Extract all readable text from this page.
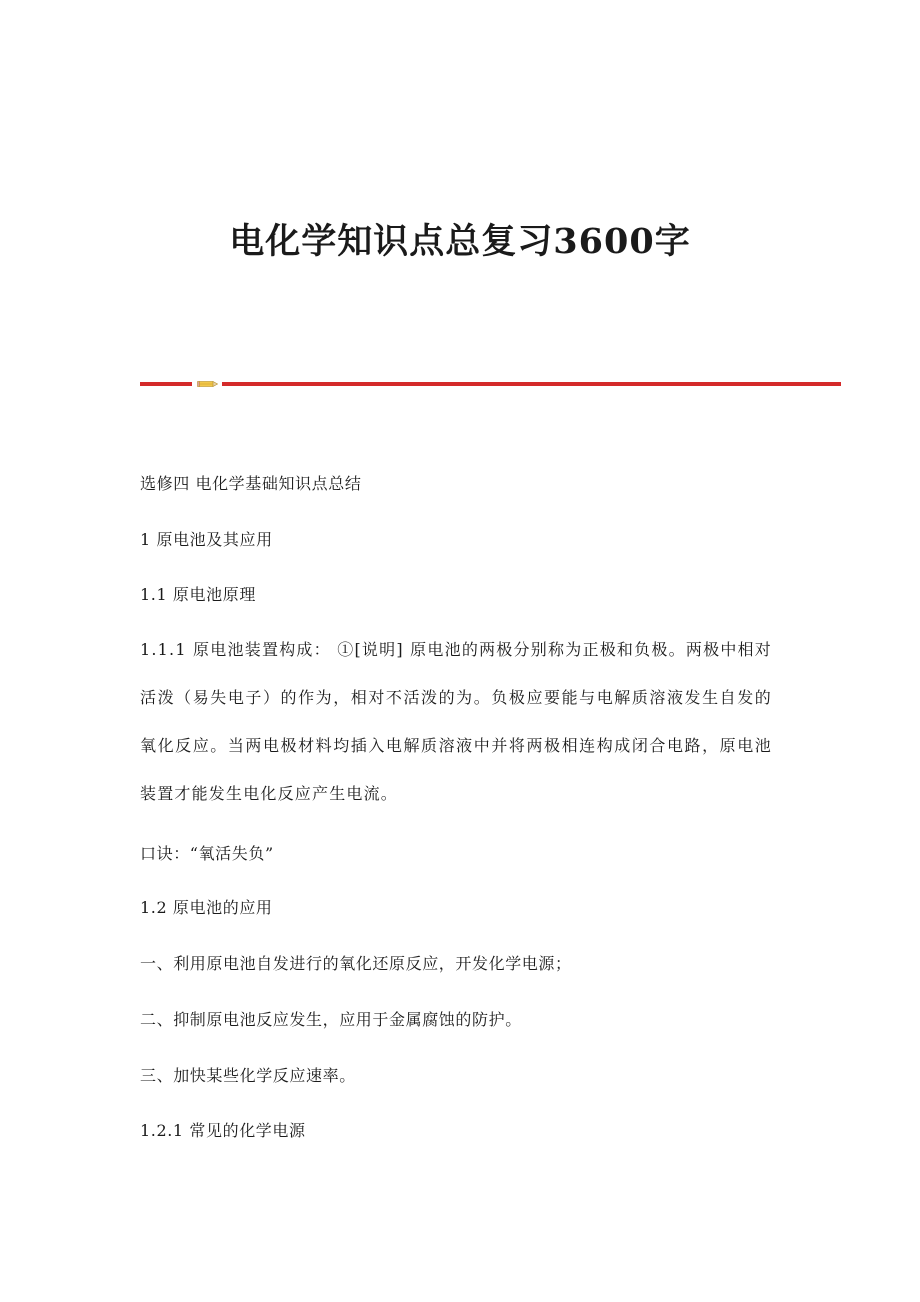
电化学知识点总复习3600字
选修四 电化学基础知识点总结
1 原电池及其应用
1.1 原电池原理
1.1.1 原电池装置构成： ①[说明] 原电池的两极分别称为正极和负极。两极中相对活泼（易失电子）的作为，相对不活泼的为。负极应要能与电解质溶液发生自发的氧化反应。当两电极材料均插入电解质溶液中并将两极相连构成闭合电路，原电池装置才能发生电化反应产生电流。
口诀：“氧活失负”
1.2 原电池的应用
一、利用原电池自发进行的氧化还原反应，开发化学电源；
二、抑制原电池反应发生，应用于金属腐蚀的防护。
三、加快某些化学反应速率。
1.2.1 常见的化学电源
